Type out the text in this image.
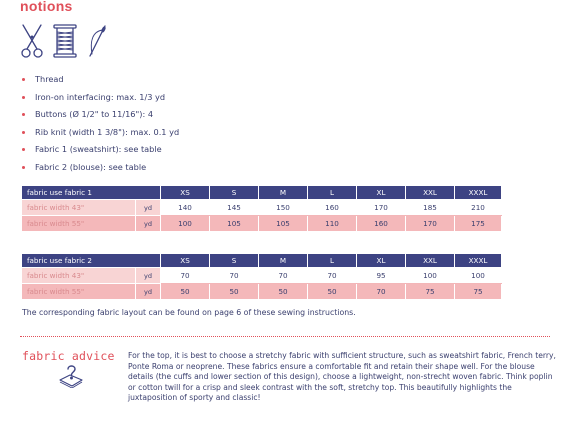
notions
Thread
Iron-on interfacing: max. 1/3 yd
Buttons (Ø 1/2" to 11/16"): 4
Rib knit (width 1 3/8"): max. 0.1 yd
Fabric 1 (sweatshirt): see table
Fabric 2 (blouse): see table
fabric use fabric 1		XS	S	M	L	XL	XXL	XXXL
fabric width 43"	yd	140	145	150	160	170	185	210
fabric width 55"	yd	100	105	105	110	160	170	175
fabric use fabric 2		XS	S	M	L	XL	XXL	XXXL
fabric width 43"	yd	70	70	70	70	95	100	100
fabric width 55"	yd	50	50	50	50	70	75	75
The corresponding fabric layout can be found on page 6 of these sewing instructions.
fabric advice For the top, it is best to choose a stretchy fabric with sufficient structure, such as sweatshirt fabric, French terry, Ponte Roma or neoprene. These fabrics ensure a comfortable fit and retain their shape well. For the blouse details (the cuffs and lower section of this design), choose a lightweight, non-strecht woven fabric. Think poplin or cotton twill for a crisp and sleek contrast with the soft, stretchy top. This beautifully highlights the juxtaposition of sporty and classic!
